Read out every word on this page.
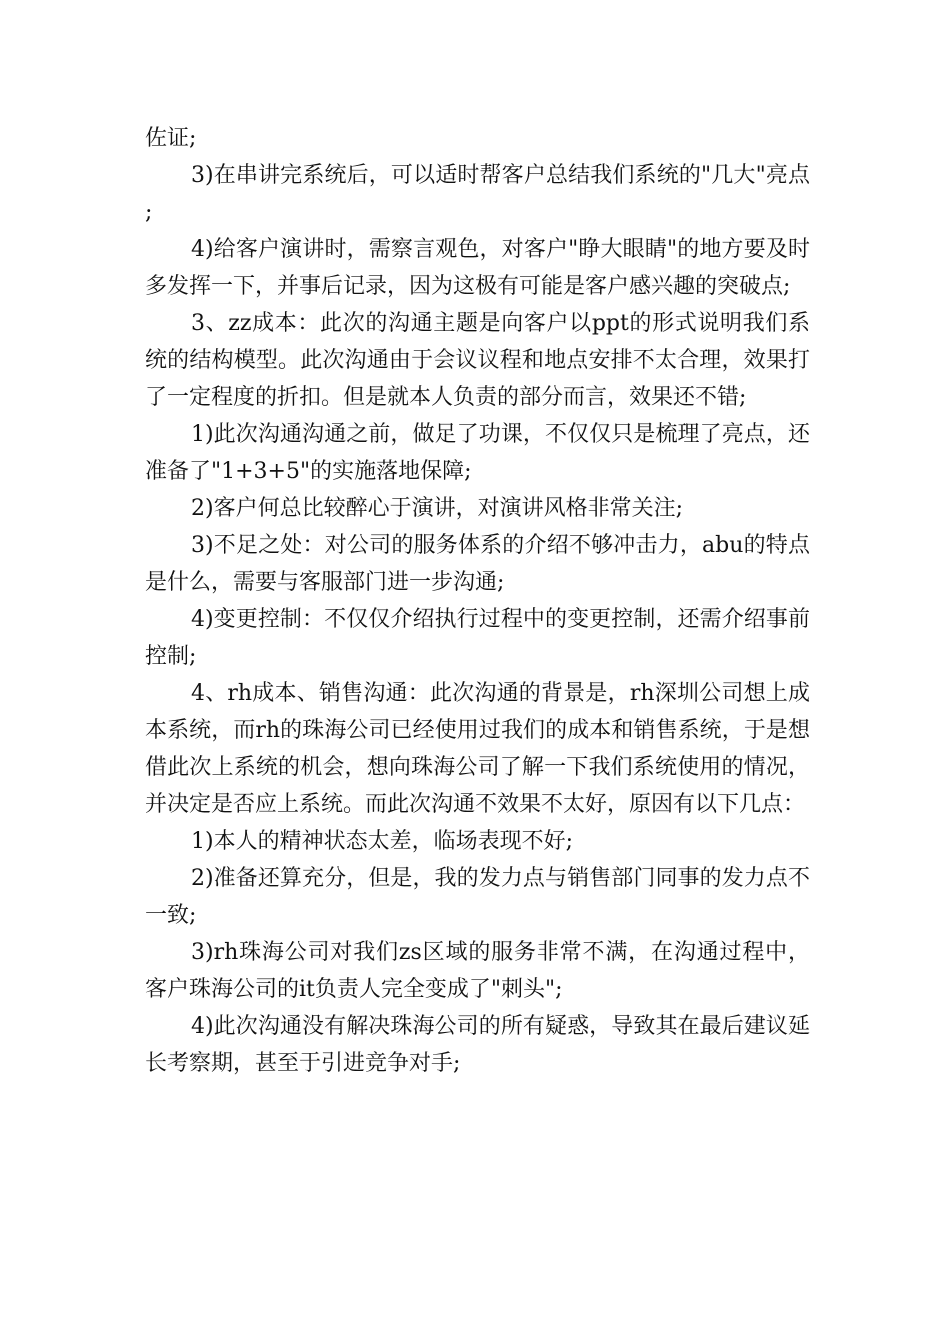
佐证;

3)在串讲完系统后，可以适时帮客户总结我们系统的"几大"亮点;

4)给客户演讲时，需察言观色，对客户"睁大眼睛"的地方要及时多发挥一下，并事后记录，因为这极有可能是客户感兴趣的突破点;

3、zz成本：此次的沟通主题是向客户以ppt的形式说明我们系统的结构模型。此次沟通由于会议议程和地点安排不太合理，效果打了一定程度的折扣。但是就本人负责的部分而言，效果还不错;

1)此次沟通沟通之前，做足了功课，不仅仅只是梳理了亮点，还准备了"1+3+5"的实施落地保障;

2)客户何总比较醉心于演讲，对演讲风格非常关注;

3)不足之处：对公司的服务体系的介绍不够冲击力，abu的特点是什么，需要与客服部门进一步沟通;

4)变更控制：不仅仅介绍执行过程中的变更控制，还需介绍事前控制;

4、rh成本、销售沟通：此次沟通的背景是，rh深圳公司想上成本系统，而rh的珠海公司已经使用过我们的成本和销售系统，于是想借此次上系统的机会，想向珠海公司了解一下我们系统使用的情况，并决定是否应上系统。而此次沟通不效果不太好，原因有以下几点：

1)本人的精神状态太差，临场表现不好;

2)准备还算充分，但是，我的发力点与销售部门同事的发力点不一致;

3)rh珠海公司对我们zs区域的服务非常不满，在沟通过程中，客户珠海公司的it负责人完全变成了"刺头";

4)此次沟通没有解决珠海公司的所有疑惑，导致其在最后建议延长考察期，甚至于引进竞争对手;
